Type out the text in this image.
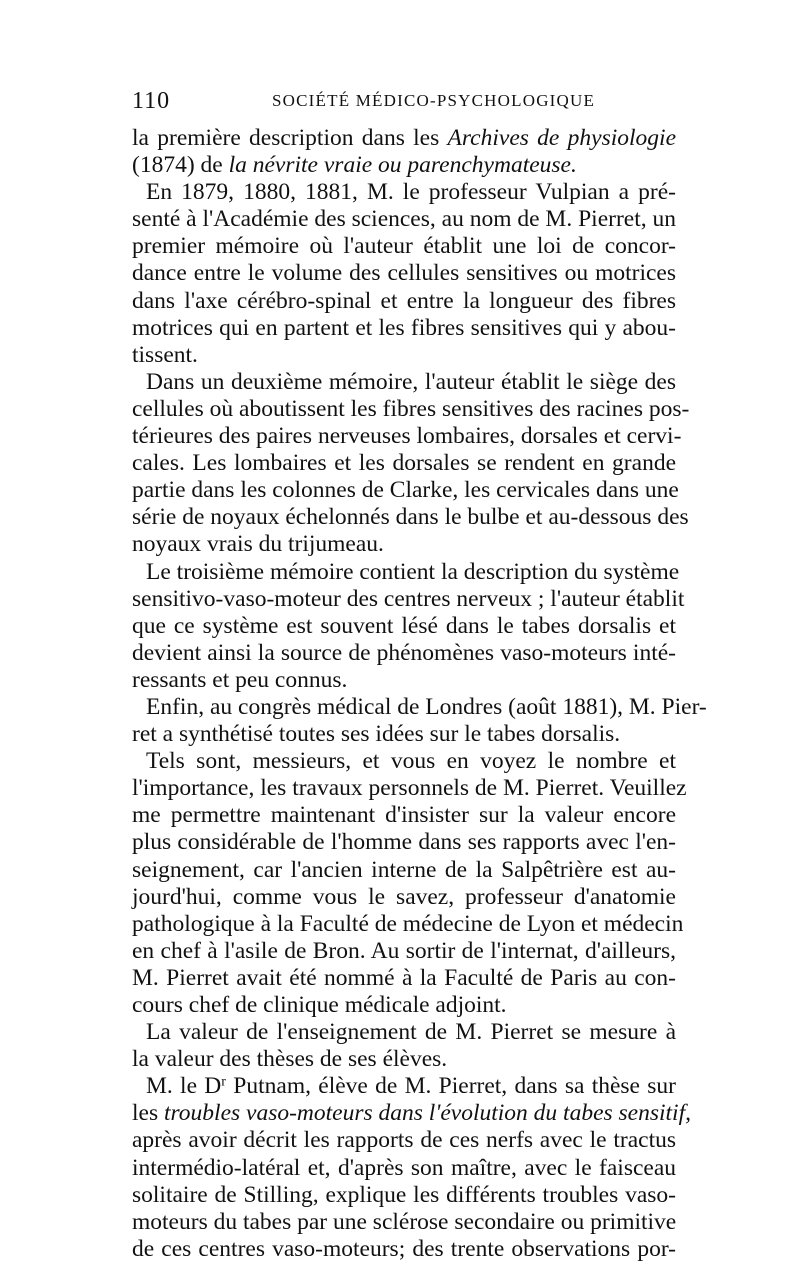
110	SOCIÉTÉ MÉDICO-PSYCHOLOGIQUE
la première description dans les Archives de physiologie
(1874) de la névrite vraie ou parenchymateuse.
En 1879, 1880, 1881, M. le professeur Vulpian a pré-
senté à l'Académie des sciences, au nom de M. Pierret, un
premier mémoire où l'auteur établit une loi de concor-
dance entre le volume des cellules sensitives ou motrices
dans l'axe cérébro-spinal et entre la longueur des fibres
motrices qui en partent et les fibres sensitives qui y abou-
tissent.
Dans un deuxième mémoire, l'auteur établit le siège des
cellules où aboutissent les fibres sensitives des racines pos-
térieures des paires nerveuses lombaires, dorsales et cervi-
cales. Les lombaires et les dorsales se rendent en grande
partie dans les colonnes de Clarke, les cervicales dans une
série de noyaux échelonnés dans le bulbe et au-dessous des
noyaux vrais du trijumeau.
Le troisième mémoire contient la description du système
sensitivo-vaso-moteur des centres nerveux ; l'auteur établit
que ce système est souvent lésé dans le tabes dorsalis et
devient ainsi la source de phénomènes vaso-moteurs inté-
ressants et peu connus.
Enfin, au congrès médical de Londres (août 1881), M. Pier-
ret a synthétisé toutes ses idées sur le tabes dorsalis.
Tels sont, messieurs, et vous en voyez le nombre et
l'importance, les travaux personnels de M. Pierret. Veuillez
me permettre maintenant d'insister sur la valeur encore
plus considérable de l'homme dans ses rapports avec l'en-
seignement, car l'ancien interne de la Salpêtrière est au-
jourd'hui, comme vous le savez, professeur d'anatomie
pathologique à la Faculté de médecine de Lyon et médecin
en chef à l'asile de Bron. Au sortir de l'internat, d'ailleurs,
M. Pierret avait été nommé à la Faculté de Paris au con-
cours chef de clinique médicale adjoint.
La valeur de l'enseignement de M. Pierret se mesure à
la valeur des thèses de ses élèves.
M. le $D^r$ Putnam, élève de M. Pierret, dans sa thèse sur
les troubles vaso-moteurs dans l'évolution du tabes sensitif,
après avoir décrit les rapports de ces nerfs avec le tractus
intermédio-latéral et, d'après son maître, avec le faisceau
solitaire de Stilling, explique les différents troubles vaso-
moteurs du tabes par une sclérose secondaire ou primitive
de ces centres vaso-moteurs; des trente observations por-
